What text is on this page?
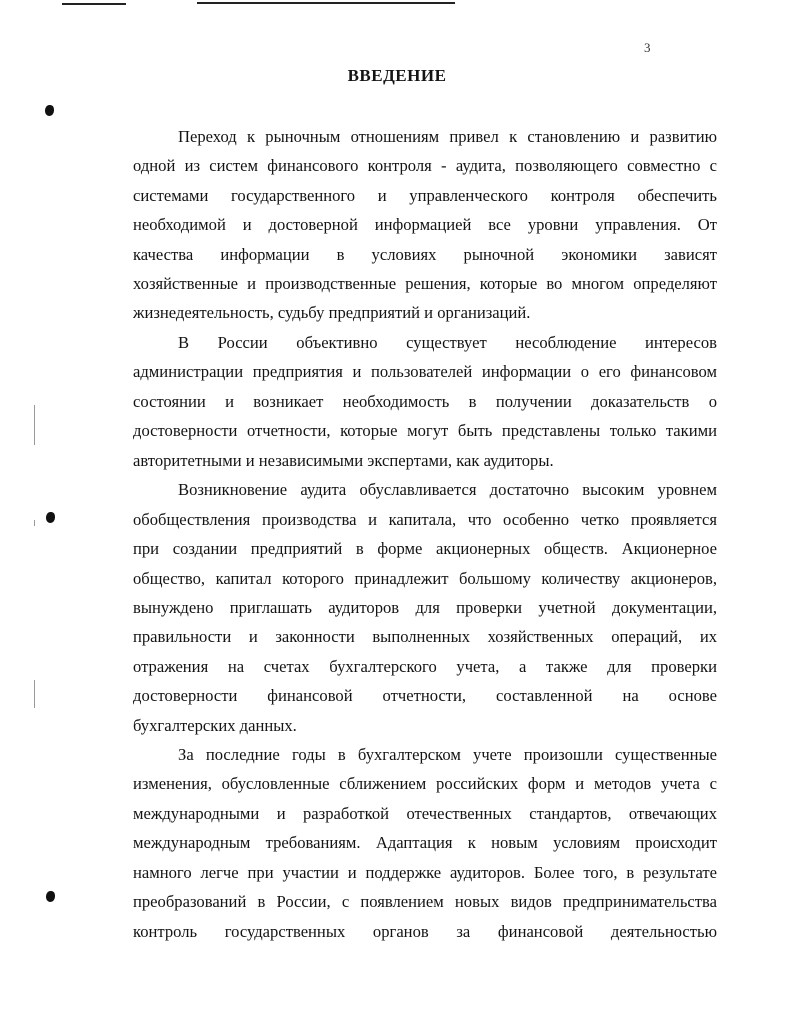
3
ВВЕДЕНИЕ
Переход к рыночным отношениям привел к становлению и развитию
одной из систем финансового контроля - аудита, позволяющего совместно с
системами государственного и управленческого контроля обеспечить
необходимой и достоверной информацией все уровни управления. От
качества информации в условиях рыночной экономики зависят
хозяйственные и производственные решения, которые во многом определяют
жизнедеятельность, судьбу предприятий и организаций.
В России объективно существует несоблюдение интересов
администрации предприятия и пользователей информации о его финансовом
состоянии и возникает необходимость в получении доказательств о
достоверности отчетности, которые могут быть представлены только такими
авторитетными и независимыми экспертами, как аудиторы.
Возникновение аудита обуславливается достаточно высоким уровнем
обобществления производства и капитала, что особенно четко проявляется
при создании предприятий в форме акционерных обществ. Акционерное
общество, капитал которого принадлежит большому количеству акционеров,
вынуждено приглашать аудиторов для проверки учетной документации,
правильности и законности выполненных хозяйственных операций, их
отражения на счетах бухгалтерского учета, а также для проверки
достоверности финансовой отчетности, составленной на основе
бухгалтерских данных.
За последние годы в бухгалтерском учете произошли существенные
изменения, обусловленные сближением российских форм и методов учета с
международными и разработкой отечественных стандартов, отвечающих
международным требованиям. Адаптация к новым условиям происходит
намного легче при участии и поддержке аудиторов. Более того, в результате
преобразований в России, с появлением новых видов предпринимательства
контроль государственных органов за финансовой деятельностью
